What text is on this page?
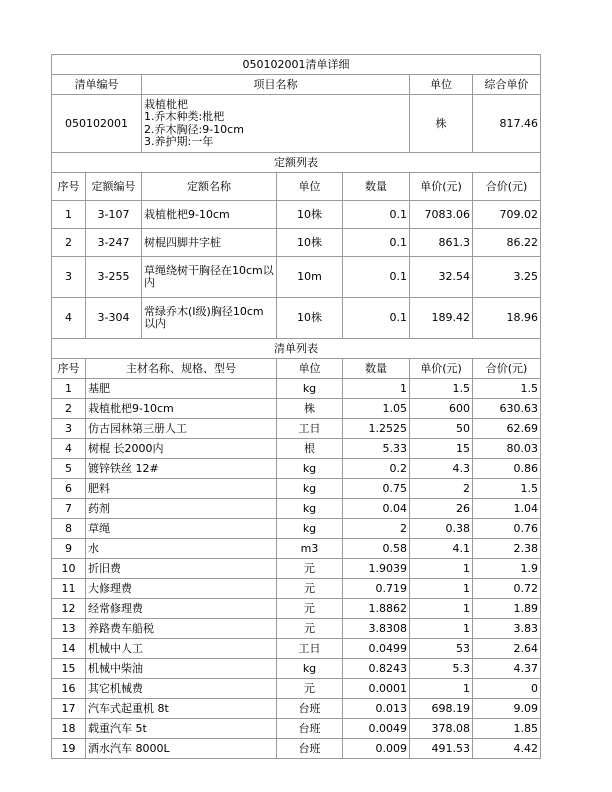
050102001清单详细						
清单编号		项目名称			单位	综合单价
050102001		栽植枇杷
1.乔木种类:枇杷
2.乔木胸径:9-10cm
3.养护期:一年			株	817.46
定额列表						
序号	定额编号	定额名称	单位	数量	单价(元)	合价(元)
1	3-107	栽植枇杷9-10cm	10株	0.1	7083.06	709.02
2	3-247	树棍四脚井字桩	10株	0.1	861.3	86.22
3	3-255	草绳绕树干胸径在10cm以内	10m	0.1	32.54	3.25
4	3-304	常绿乔木(I级)胸径10cm以内	10株	0.1	189.42	18.96
清单列表						
序号	主材名称、规格、型号		单位	数量	单价(元)	合价(元)
1	基肥		kg	1	1.5	1.5
2	栽植枇杷9-10cm		株	1.05	600	630.63
3	仿古园林第三册人工		工日	1.2525	50	62.69
4	树棍 长2000内		根	5.33	15	80.03
5	镀锌铁丝 12#		kg	0.2	4.3	0.86
6	肥料		kg	0.75	2	1.5
7	药剂		kg	0.04	26	1.04
8	草绳		kg	2	0.38	0.76
9	水		m3	0.58	4.1	2.38
10	折旧费		元	1.9039	1	1.9
11	大修理费		元	0.719	1	0.72
12	经常修理费		元	1.8862	1	1.89
13	养路费车船税		元	3.8308	1	3.83
14	机械中人工		工日	0.0499	53	2.64
15	机械中柴油		kg	0.8243	5.3	4.37
16	其它机械费		元	0.0001	1	0
17	汽车式起重机 8t		台班	0.013	698.19	9.09
18	载重汽车 5t		台班	0.0049	378.08	1.85
19	洒水汽车 8000L		台班	0.009	491.53	4.42
